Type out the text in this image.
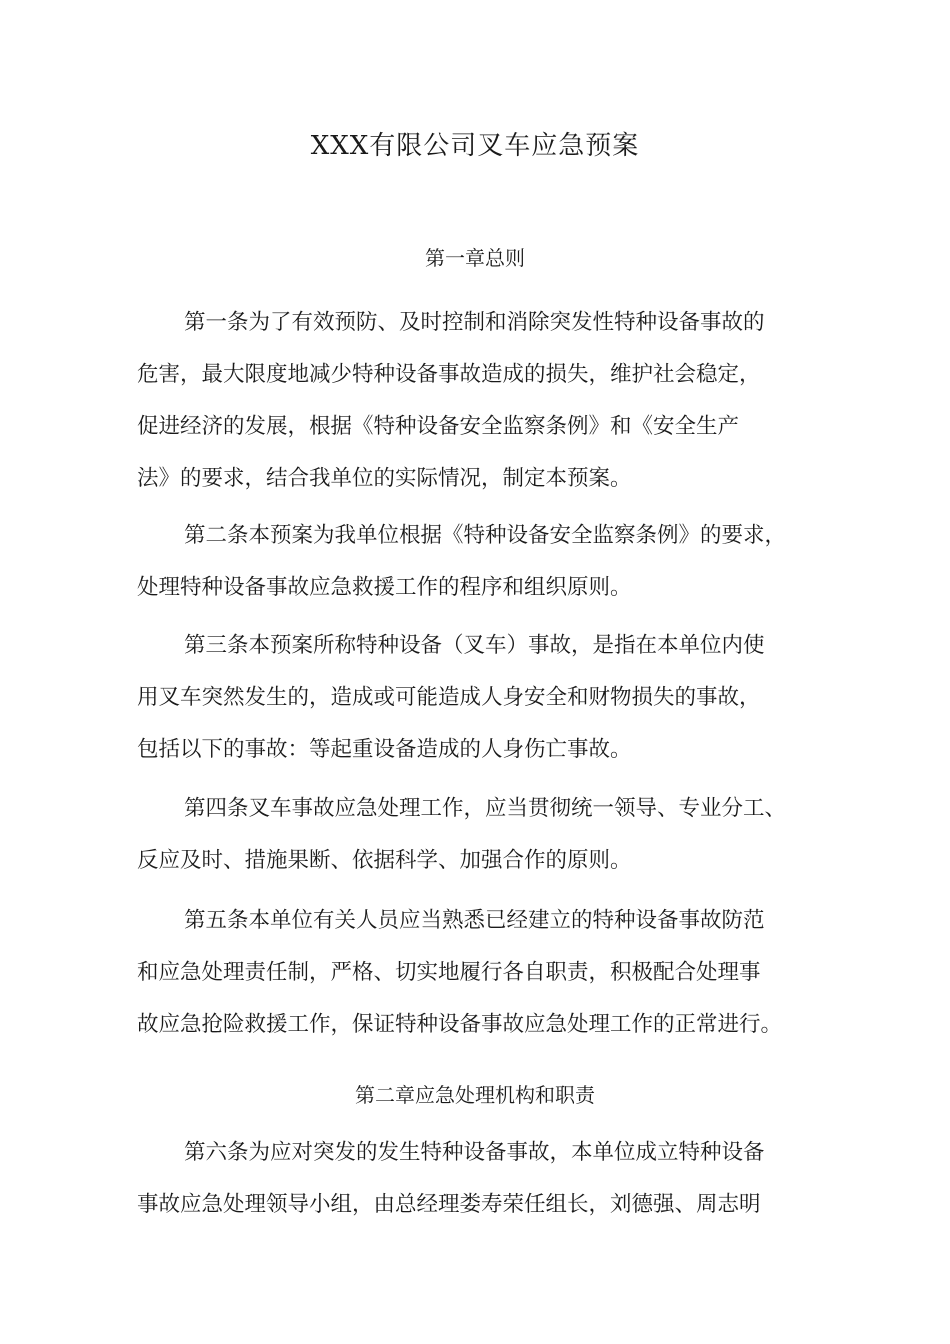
XXX有限公司叉车应急预案
第一章总则
第一条为了有效预防、及时控制和消除突发性特种设备事故的
危害，最大限度地减少特种设备事故造成的损失，维护社会稳定，
促进经济的发展，根据《特种设备安全监察条例》和《安全生产
法》的要求，结合我单位的实际情况，制定本预案。
第二条本预案为我单位根据《特种设备安全监察条例》的要求，
处理特种设备事故应急救援工作的程序和组织原则。
第三条本预案所称特种设备（叉车）事故，是指在本单位内使
用叉车突然发生的，造成或可能造成人身安全和财物损失的事故，
包括以下的事故：等起重设备造成的人身伤亡事故。
第四条叉车事故应急处理工作，应当贯彻统一领导、专业分工、
反应及时、措施果断、依据科学、加强合作的原则。
第五条本单位有关人员应当熟悉已经建立的特种设备事故防范
和应急处理责任制，严格、切实地履行各自职责，积极配合处理事
故应急抢险救援工作，保证特种设备事故应急处理工作的正常进行。
第二章应急处理机构和职责
第六条为应对突发的发生特种设备事故，本单位成立特种设备
事故应急处理领导小组，由总经理娄寿荣任组长，刘德强、周志明
